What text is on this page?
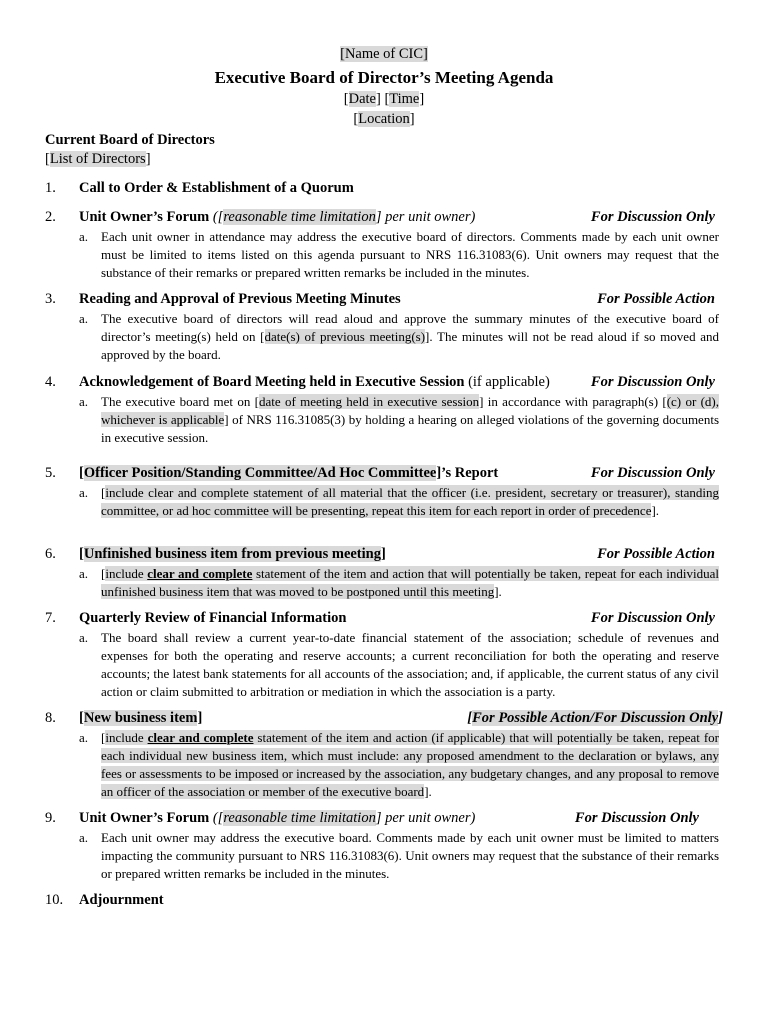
[Name of CIC]
Executive Board of Director’s Meeting Agenda
[Date] [Time]
[Location]
Current Board of Directors
[List of Directors]
1. Call to Order & Establishment of a Quorum
2. Unit Owner’s Forum ([reasonable time limitation] per unit owner)	For Discussion Only
a. Each unit owner in attendance may address the executive board of directors. Comments made by each unit owner must be limited to items listed on this agenda pursuant to NRS 116.31083(6). Unit owners may request that the substance of their remarks or prepared written remarks be included in the minutes.
3. Reading and Approval of Previous Meeting Minutes	For Possible Action
a. The executive board of directors will read aloud and approve the summary minutes of the executive board of director’s meeting(s) held on [date(s) of previous meeting(s)]. The minutes will not be read aloud if so moved and approved by the board.
4. Acknowledgement of Board Meeting held in Executive Session (if applicable)	For Discussion Only
a. The executive board met on [date of meeting held in executive session] in accordance with paragraph(s) [(c) or (d), whichever is applicable] of NRS 116.31085(3) by holding a hearing on alleged violations of the governing documents in executive session.
5. [Officer Position/Standing Committee/Ad Hoc Committee]’s Report	For Discussion Only
a. [include clear and complete statement of all material that the officer (i.e. president, secretary or treasurer), standing committee, or ad hoc committee will be presenting, repeat this item for each report in order of precedence].
6. [Unfinished business item from previous meeting]	For Possible Action
a. [include clear and complete statement of the item and action that will potentially be taken, repeat for each individual unfinished business item that was moved to be postponed until this meeting].
7. Quarterly Review of Financial Information	For Discussion Only
a. The board shall review a current year-to-date financial statement of the association; schedule of revenues and expenses for both the operating and reserve accounts; a current reconciliation for both the operating and reserve accounts; the latest bank statements for all accounts of the association; and, if applicable, the current status of any civil action or claim submitted to arbitration or mediation in which the association is a party.
8. [New business item]	[For Possible Action/For Discussion Only]
a. [include clear and complete statement of the item and action (if applicable) that will potentially be taken, repeat for each individual new business item, which must include: any proposed amendment to the declaration or bylaws, any fees or assessments to be imposed or increased by the association, any budgetary changes, and any proposal to remove an officer of the association or member of the executive board].
9. Unit Owner’s Forum ([reasonable time limitation] per unit owner)	For Discussion Only
a. Each unit owner may address the executive board. Comments made by each unit owner must be limited to matters impacting the community pursuant to NRS 116.31083(6). Unit owners may request that the substance of their remarks or prepared written remarks be included in the minutes.
10. Adjournment
